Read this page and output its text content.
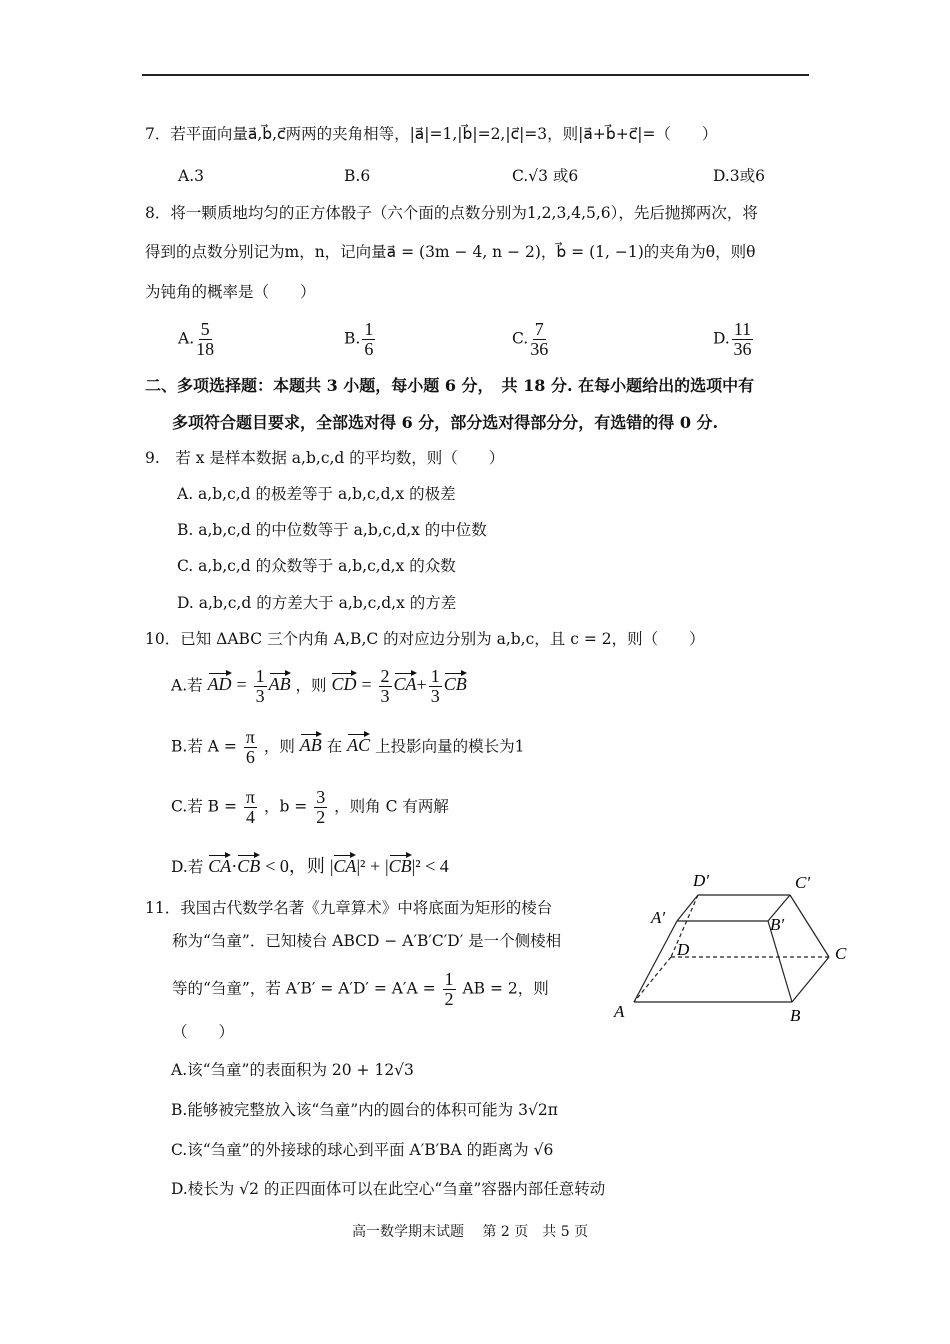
7．若平面向量a⃗,b⃗,c⃗两两的夹角相等，|a⃗|=1,|b⃗|=2,|c⃗|=3，则|a⃗+b⃗+c⃗|=（　　）
A.3	B.6	C.√3 或6	D.3或6
8．将一颗质地均匀的正方体骰子（六个面的点数分别为1,2,3,4,5,6），先后抛掷两次，将
得到的点数分别记为m，n，记向量a⃗ = (3m − 4, n − 2)，b⃗ = (1, −1)的夹角为θ，则θ
为钝角的概率是（　　）
A. $\frac{5}{18}$	B. $\frac{1}{6}$	C. $\frac{7}{36}$	D. $\frac{11}{36}$
二、多项选择题：本题共 3 小题，每小题 6 分，　共 18 分. 在每小题给出的选项中有
多项符合题目要求，全部选对得 6 分，部分选对得部分分，有选错的得 0 分.
9.　若 x 是样本数据 a,b,c,d 的平均数，则（　　）
A. a,b,c,d 的极差等于 a,b,c,d,x 的极差
B. a,b,c,d 的中位数等于 a,b,c,d,x 的中位数
C. a,b,c,d 的众数等于 a,b,c,d,x 的众数
D. a,b,c,d 的方差大于 a,b,c,d,x 的方差
10．已知 ΔABC 三个内角 A,B,C 的对应边分别为 a,b,c，且 c = 2，则（　　）
A.若 AD = $\frac{1}{3}$ AB ，则 CD = $\frac{2}{3} CA+ \frac{1}{3}$ CB
B.若 $A = \frac{\pi}{6}$ ，则 AB 在 AC 上投影向量的模长为1
C.若 $B = \frac{\pi}{4}$ ，$b = \frac{3}{2}$ ，则角 C 有两解
D.若 CA·CB < 0，则 |CA|² + |CB|² < 4
11．我国古代数学名著《九章算术》中将底面为矩形的棱台
称为“刍童”．已知棱台 ABCD − A′B′C′D′ 是一个侧棱相
等的“刍童”，若 $A'B' = A'D' = A'A = \frac{1}{2}$ AB = 2，则
（　　）
A.该“刍童”的表面积为 20 + 12√3
B.能够被完整放入该“刍童”内的圆台的体积可能为 3√2π
C.该“刍童”的外接球的球心到平面 A′B′BA 的距离为 √6
D.棱长为 √2 的正四面体可以在此空心“刍童”容器内部任意转动
D′	C′
A′	B′
D	C
A	B
高一数学期末试题　 第 2 页　共 5 页
